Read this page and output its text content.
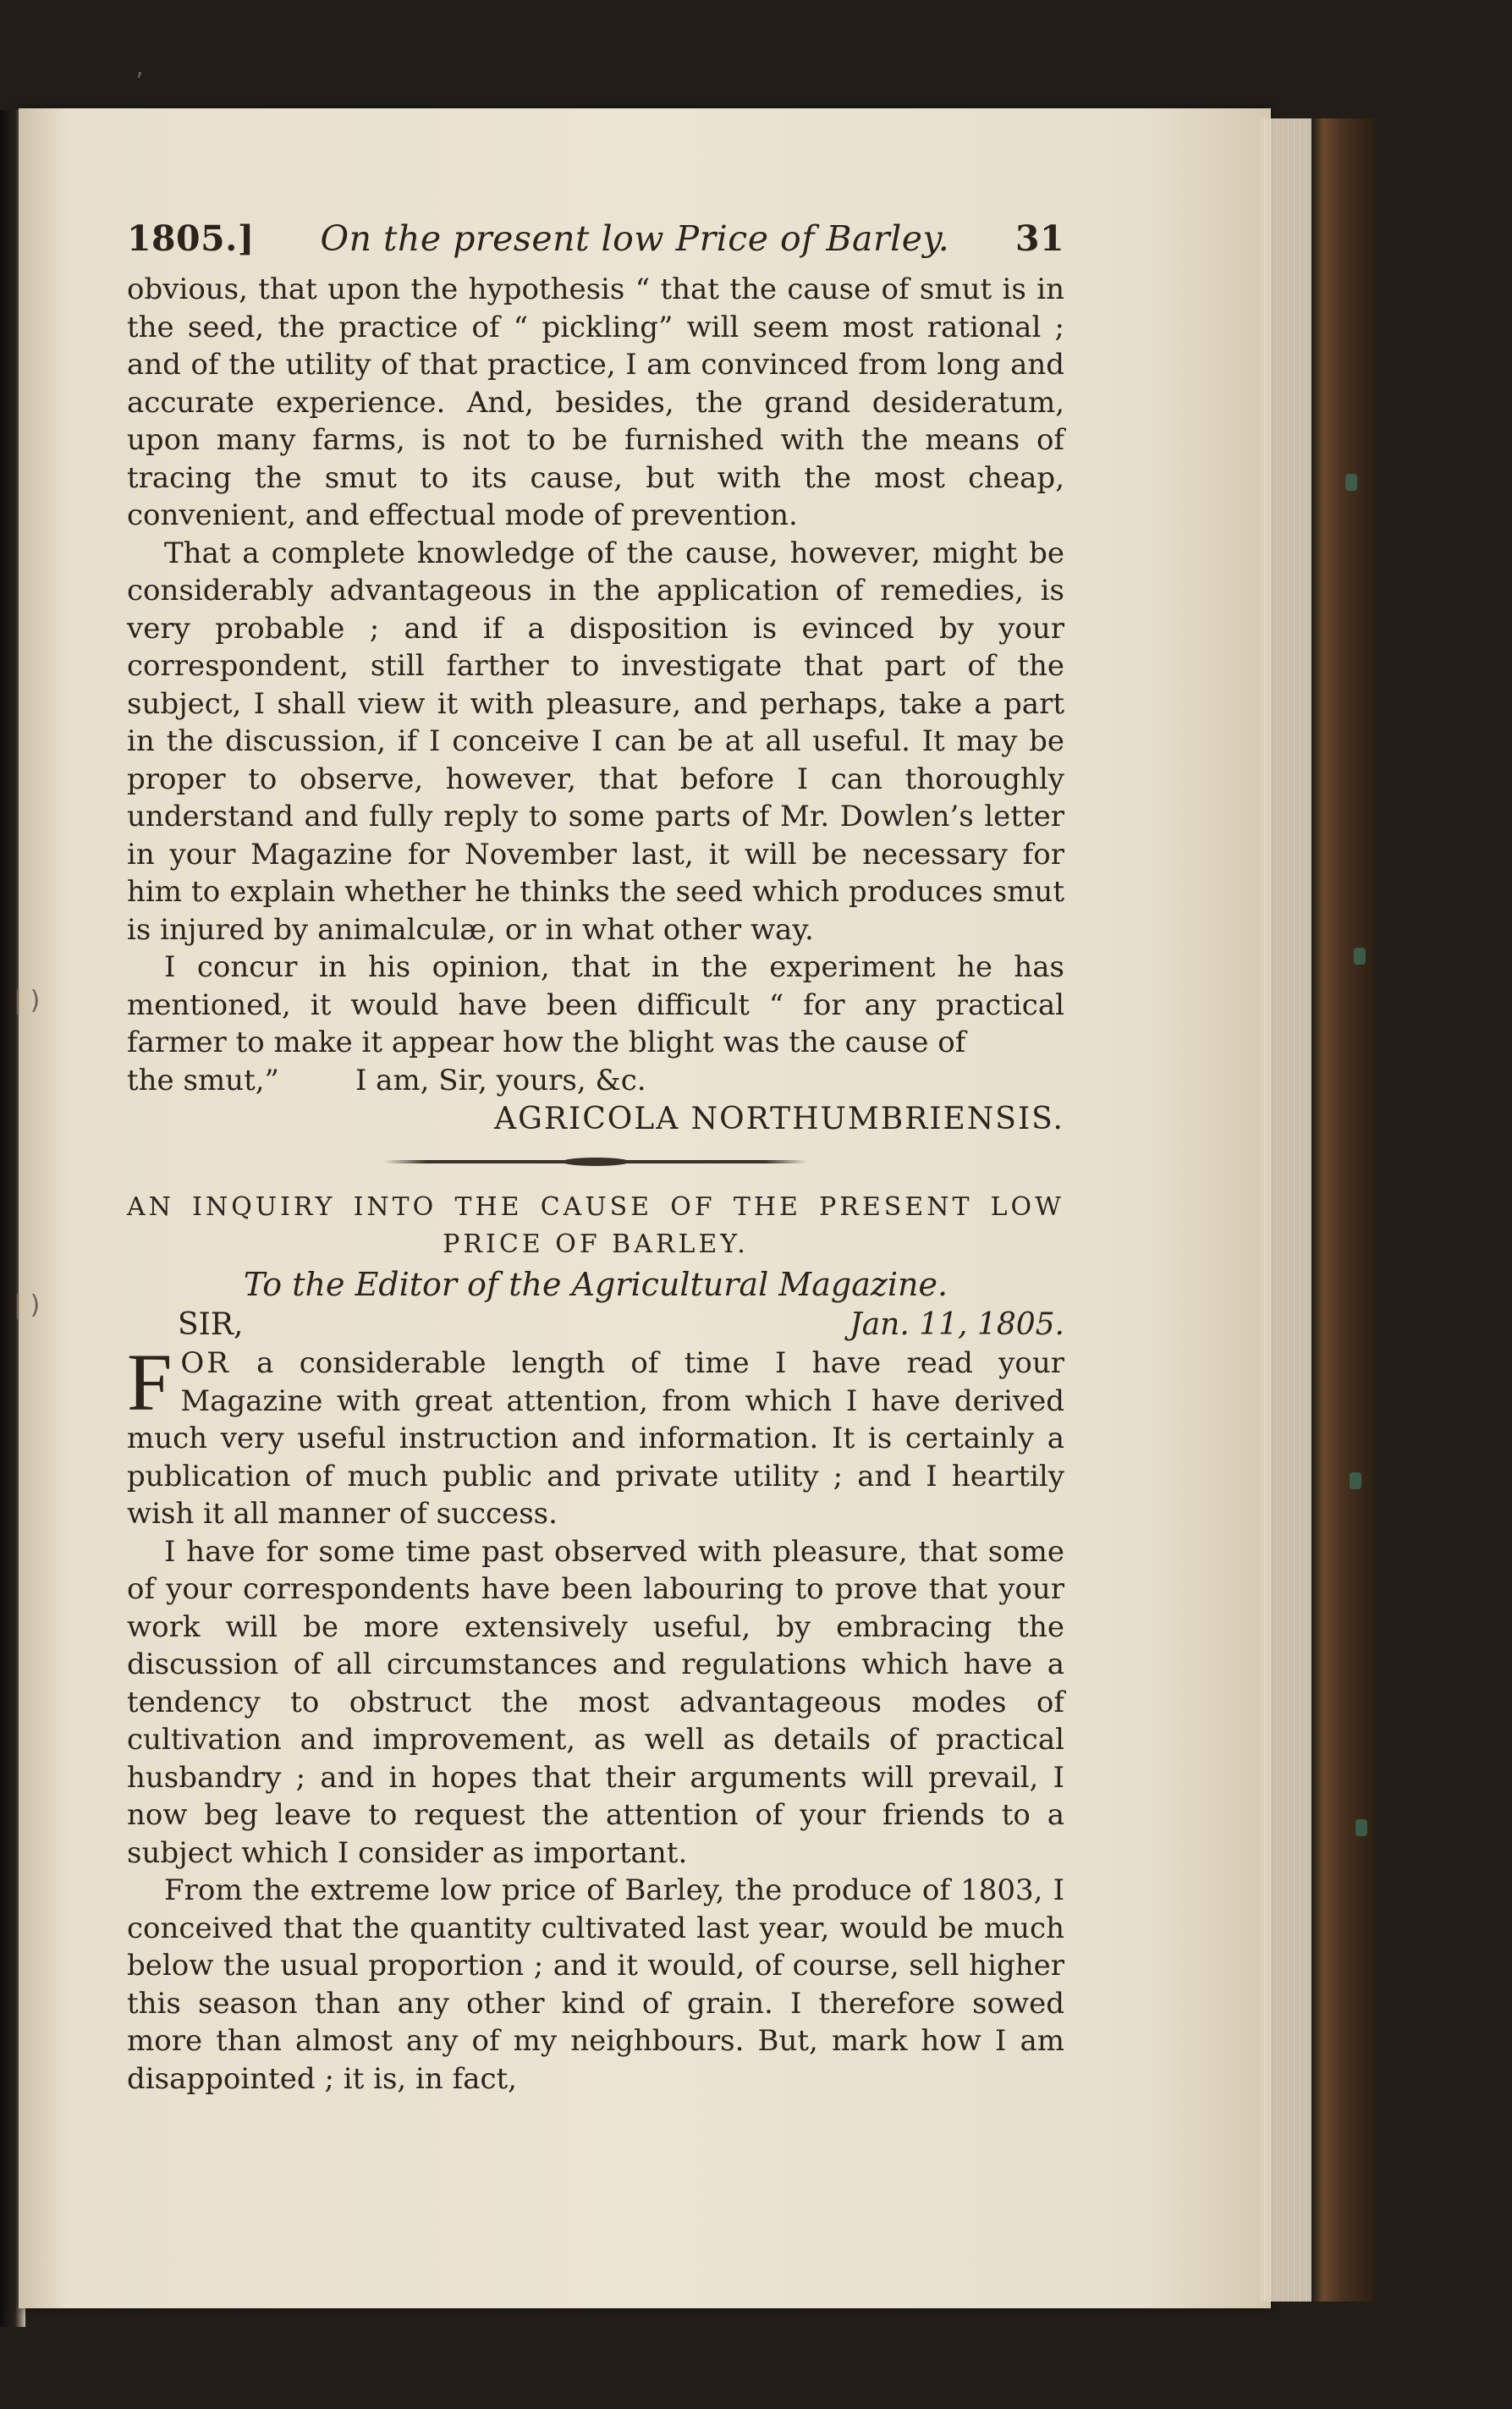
’
| )
| )
1805.] On the present low Price of Barley. 31

obvious, that upon the hypothesis “ that the cause of smut is in the seed, the practice of “ pickling” will seem most rational ; and of the utility of that practice, I am convinced from long and accurate experience. And, besides, the grand desideratum, upon many farms, is not to be furnished with the means of tracing the smut to its cause, but with the most cheap, convenient, and effectual mode of prevention.

That a complete knowledge of the cause, however, might be considerably advantageous in the application of remedies, is very probable ; and if a disposition is evinced by your correspondent, still farther to investigate that part of the subject, I shall view it with pleasure, and perhaps, take a part in the discussion, if I conceive I can be at all useful. It may be proper to observe, however, that before I can thoroughly understand and fully reply to some parts of Mr. Dowlen’s letter in your Magazine for November last, it will be necessary for him to explain whether he thinks the seed which produces smut is injured by animalculæ, or in what other way.

I concur in his opinion, that in the experiment he has mentioned, it would have been difficult “ for any practical farmer to make it appear how the blight was the cause of

the smut,”	I am, Sir, yours, &c.
AGRICOLA NORTHUMBRIENSIS.

AN INQUIRY INTO THE CAUSE OF THE PRESENT LOW

PRICE OF BARLEY.

To the Editor of the Agricultural Magazine.
SIR,	Jan. 11, 1805.
FOR a considerable length of time I have read your Magazine with great attention, from which I have derived much very useful instruction and information. It is certainly a publication of much public and private utility ; and I heartily wish it all manner of success.

I have for some time past observed with pleasure, that some of your correspondents have been labouring to prove that your work will be more extensively useful, by embracing the discussion of all circumstances and regulations which have a tendency to obstruct the most advantageous modes of cultivation and improvement, as well as details of practical husbandry ; and in hopes that their arguments will prevail, I now beg leave to request the attention of your friends to a subject which I consider as important.

From the extreme low price of Barley, the produce of 1803, I conceived that the quantity cultivated last year, would be much below the usual proportion ; and it would, of course, sell higher this season than any other kind of grain. I therefore sowed more than almost any of my neighbours. But, mark how I am disappointed ; it is, in fact,
